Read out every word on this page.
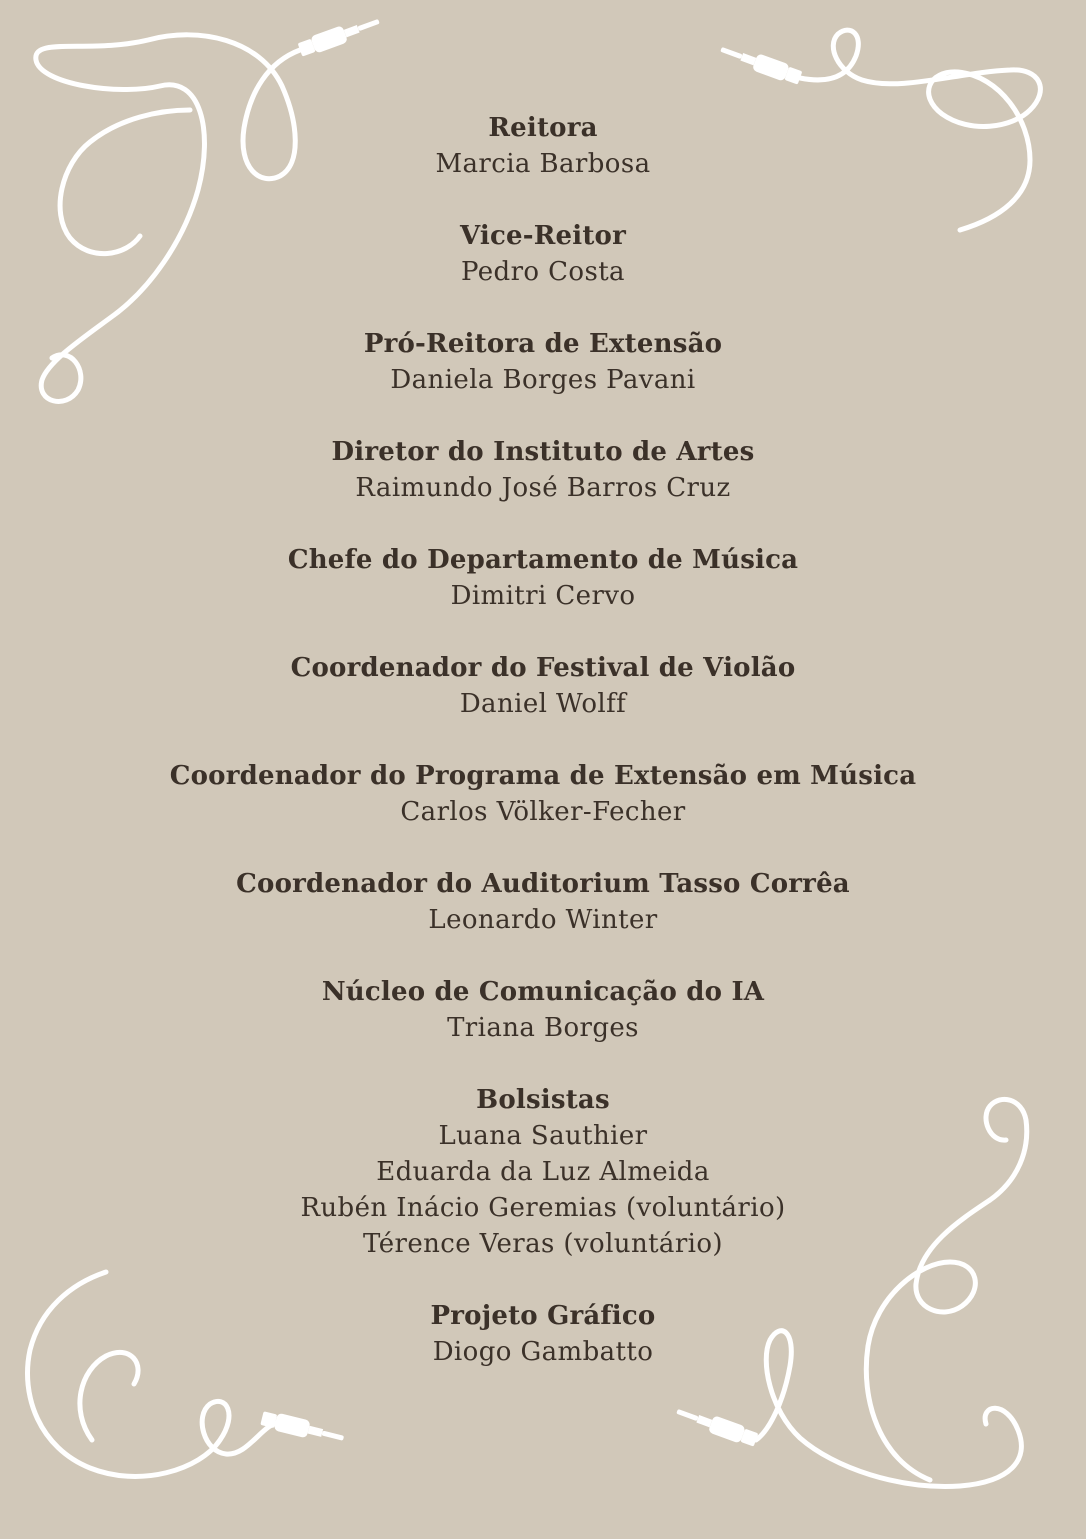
Reitora
Marcia Barbosa
Vice-Reitor
Pedro Costa
Pró-Reitora de Extensão
Daniela Borges Pavani
Diretor do Instituto de Artes
Raimundo José Barros Cruz
Chefe do Departamento de Música
Dimitri Cervo
Coordenador do Festival de Violão
Daniel Wolff
Coordenador do Programa de Extensão em Música
Carlos Völker-Fecher
Coordenador do Auditorium Tasso Corrêa
Leonardo Winter
Núcleo de Comunicação do IA
Triana Borges
Bolsistas
Luana Sauthier
Eduarda da Luz Almeida
Rubén Inácio Geremias (voluntário)
Térence Veras (voluntário)
Projeto Gráfico
Diogo Gambatto
